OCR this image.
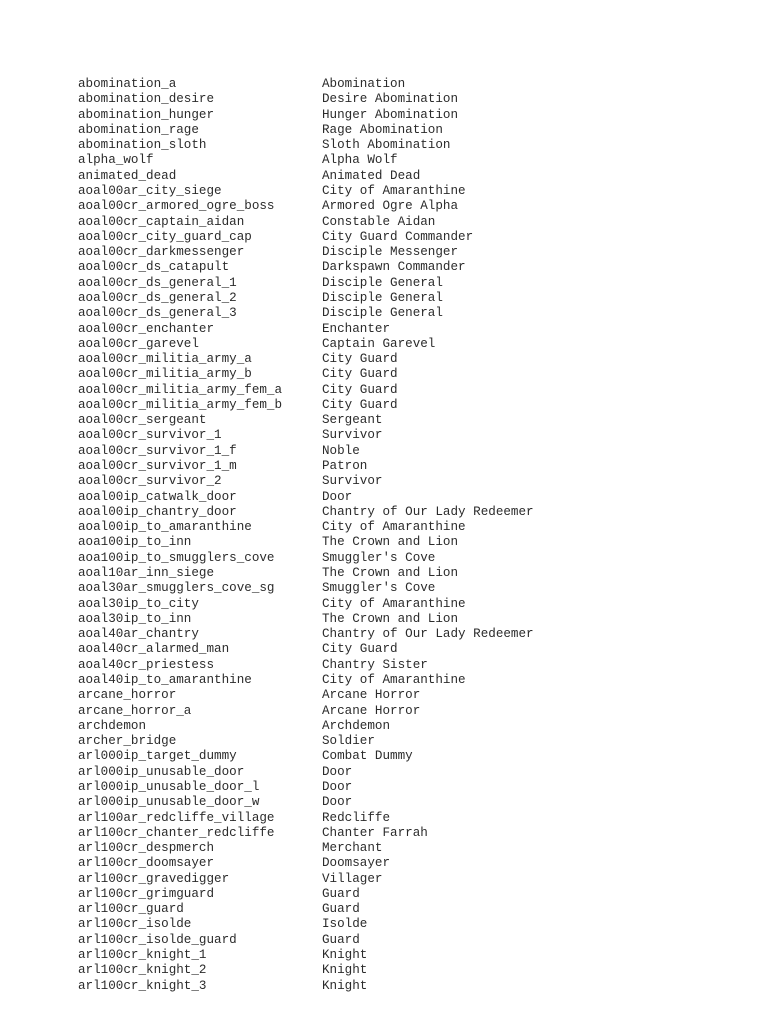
abomination_a	Abomination
abomination_desire	Desire Abomination
abomination_hunger	Hunger Abomination
abomination_rage	Rage Abomination
abomination_sloth	Sloth Abomination
alpha_wolf	Alpha Wolf
animated_dead	Animated Dead
aoal00ar_city_siege	City of Amaranthine
aoal00cr_armored_ogre_boss	Armored Ogre Alpha
aoal00cr_captain_aidan	Constable Aidan
aoal00cr_city_guard_cap	City Guard Commander
aoal00cr_darkmessenger	Disciple Messenger
aoal00cr_ds_catapult	Darkspawn Commander
aoal00cr_ds_general_1	Disciple General
aoal00cr_ds_general_2	Disciple General
aoal00cr_ds_general_3	Disciple General
aoal00cr_enchanter	Enchanter
aoal00cr_garevel	Captain Garevel
aoal00cr_militia_army_a	City Guard
aoal00cr_militia_army_b	City Guard
aoal00cr_militia_army_fem_a	City Guard
aoal00cr_militia_army_fem_b	City Guard
aoal00cr_sergeant	Sergeant
aoal00cr_survivor_1	Survivor
aoal00cr_survivor_1_f	Noble
aoal00cr_survivor_1_m	Patron
aoal00cr_survivor_2	Survivor
aoal00ip_catwalk_door	Door
aoal00ip_chantry_door	Chantry of Our Lady Redeemer
aoal00ip_to_amaranthine	City of Amaranthine
aoa100ip_to_inn	The Crown and Lion
aoa100ip_to_smugglers_cove	Smuggler's Cove
aoal10ar_inn_siege	The Crown and Lion
aoal30ar_smugglers_cove_sg	Smuggler's Cove
aoal30ip_to_city	City of Amaranthine
aoal30ip_to_inn	The Crown and Lion
aoal40ar_chantry	Chantry of Our Lady Redeemer
aoal40cr_alarmed_man	City Guard
aoal40cr_priestess	Chantry Sister
aoal40ip_to_amaranthine	City of Amaranthine
arcane_horror	Arcane Horror
arcane_horror_a	Arcane Horror
archdemon	Archdemon
archer_bridge	Soldier
arl000ip_target_dummy	Combat Dummy
arl000ip_unusable_door	Door
arl000ip_unusable_door_l	Door
arl000ip_unusable_door_w	Door
arl100ar_redcliffe_village	Redcliffe
arl100cr_chanter_redcliffe	Chanter Farrah
arl100cr_despmerch	Merchant
arl100cr_doomsayer	Doomsayer
arl100cr_gravedigger	Villager
arl100cr_grimguard	Guard
arl100cr_guard	Guard
arl100cr_isolde	Isolde
arl100cr_isolde_guard	Guard
arl100cr_knight_1	Knight
arl100cr_knight_2	Knight
arl100cr_knight_3	Knight
